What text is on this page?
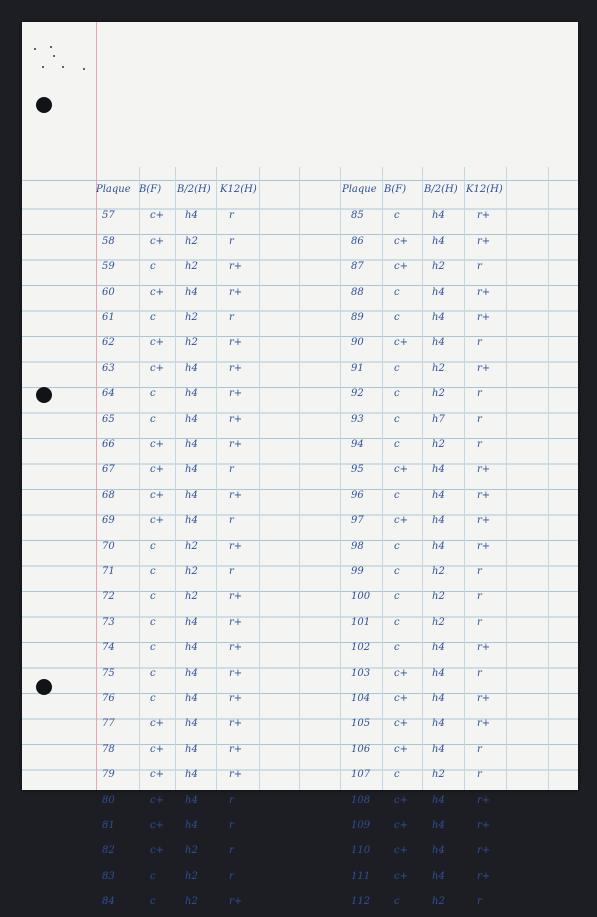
Plaque B(F) B/2(H) K12(H)
57	c+ h4	r
58	c+ h2	r
59	c	h2	r+
60	c+ h4	r+
61	c	h2	r
62	c+ h2	r+
63	c+ h4	r+
64	c	h4	r+
65	c	h4	r+
66	c+ h4	r+
67	c+ h4	r
68	c+ h4	r+
69	c+ h4	r
70	c	h2	r+
71	c	h2	r
72	c	h2	r+
73	c	h4	r+
74	c	h4	r+
75	c	h4	r+
76	c	h4	r+
77	c+ h4	r+
78	c+ h4	r+
79	c+ h4	r+
80	c+ h4	r
81	c+ h4	r
82	c+ h2	r
83	c	h2	r
84	c	h2	r+
Plaque B(F) B/2(H) K12(H)
85	c	h4	r+
86	c+ h4	r+
87	c+ h2	r
88	c	h4	r+
89	c	h4	r+
90	c+ h4	r
91	c	h2	r+
92	c	h2	r
93	c	h7	r
94	c	h2	r
95	c+ h4	r+
96	c	h4	r+
97	c+ h4	r+
98	c	h4	r+
99	c	h2	r
100 c	h2	r
101 c	h2	r
102 c	h4	r+
103 c+ h4	r
104 c+ h4	r+
105 c+ h4	r+
106 c+ h4	r
107 c	h2	r
108 c+ h4	r+
109 c+ h4	r+
110 c+ h4	r+
111 c+ h4	r+
112 c	h2	r
